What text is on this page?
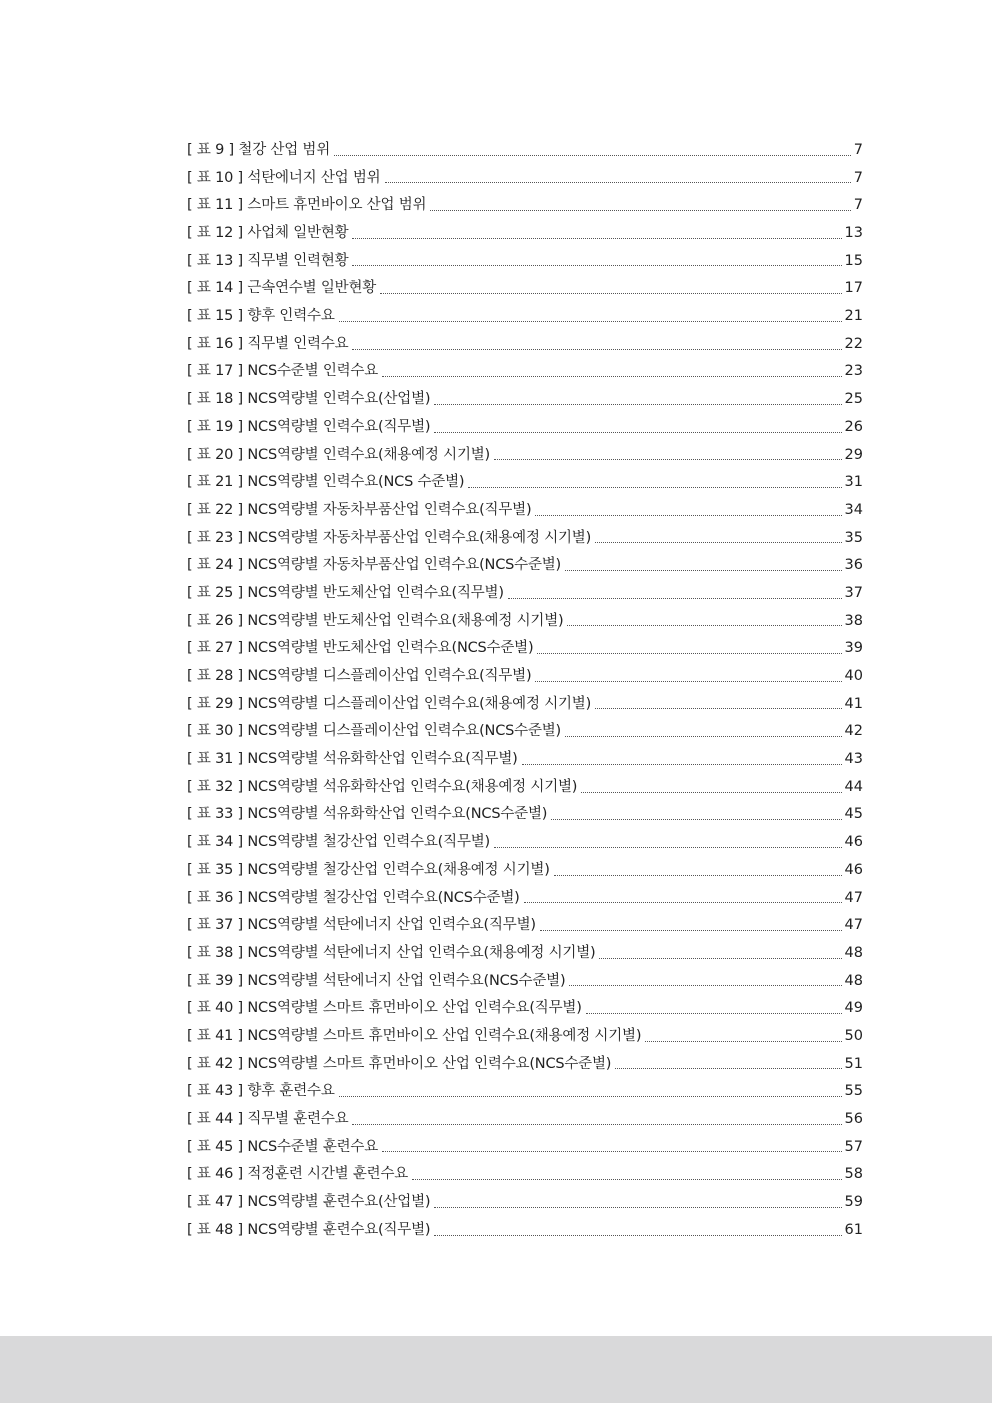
[ 표 9 ] 철강 산업 범위	7
[ 표 10 ] 석탄에너지 산업 범위	7
[ 표 11 ] 스마트 휴먼바이오 산업 범위	7
[ 표 12 ] 사업체 일반현황	13
[ 표 13 ] 직무별 인력현황	15
[ 표 14 ] 근속연수별 일반현황	17
[ 표 15 ] 향후 인력수요	21
[ 표 16 ] 직무별 인력수요	22
[ 표 17 ] NCS수준별 인력수요	23
[ 표 18 ] NCS역량별 인력수요(산업별)	25
[ 표 19 ] NCS역량별 인력수요(직무별)	26
[ 표 20 ] NCS역량별 인력수요(채용예정 시기별)	29
[ 표 21 ] NCS역량별 인력수요(NCS 수준별)	31
[ 표 22 ] NCS역량별 자동차부품산업 인력수요(직무별)	34
[ 표 23 ] NCS역량별 자동차부품산업 인력수요(채용예정 시기별)	35
[ 표 24 ] NCS역량별 자동차부품산업 인력수요(NCS수준별)	36
[ 표 25 ] NCS역량별 반도체산업 인력수요(직무별)	37
[ 표 26 ] NCS역량별 반도체산업 인력수요(채용예정 시기별)	38
[ 표 27 ] NCS역량별 반도체산업 인력수요(NCS수준별)	39
[ 표 28 ] NCS역량별 디스플레이산업 인력수요(직무별)	40
[ 표 29 ] NCS역량별 디스플레이산업 인력수요(채용예정 시기별)	41
[ 표 30 ] NCS역량별 디스플레이산업 인력수요(NCS수준별)	42
[ 표 31 ] NCS역량별 석유화학산업 인력수요(직무별)	43
[ 표 32 ] NCS역량별 석유화학산업 인력수요(채용예정 시기별)	44
[ 표 33 ] NCS역량별 석유화학산업 인력수요(NCS수준별)	45
[ 표 34 ] NCS역량별 철강산업 인력수요(직무별)	46
[ 표 35 ] NCS역량별 철강산업 인력수요(채용예정 시기별)	46
[ 표 36 ] NCS역량별 철강산업 인력수요(NCS수준별)	47
[ 표 37 ] NCS역량별 석탄에너지 산업 인력수요(직무별)	47
[ 표 38 ] NCS역량별 석탄에너지 산업 인력수요(채용예정 시기별)	48
[ 표 39 ] NCS역량별 석탄에너지 산업 인력수요(NCS수준별)	48
[ 표 40 ] NCS역량별 스마트 휴먼바이오 산업 인력수요(직무별)	49
[ 표 41 ] NCS역량별 스마트 휴먼바이오 산업 인력수요(채용예정 시기별)	50
[ 표 42 ] NCS역량별 스마트 휴먼바이오 산업 인력수요(NCS수준별)	51
[ 표 43 ] 향후 훈련수요	55
[ 표 44 ] 직무별 훈련수요	56
[ 표 45 ] NCS수준별 훈련수요	57
[ 표 46 ] 적정훈련 시간별 훈련수요	58
[ 표 47 ] NCS역량별 훈련수요(산업별)	59
[ 표 48 ] NCS역량별 훈련수요(직무별)	61
